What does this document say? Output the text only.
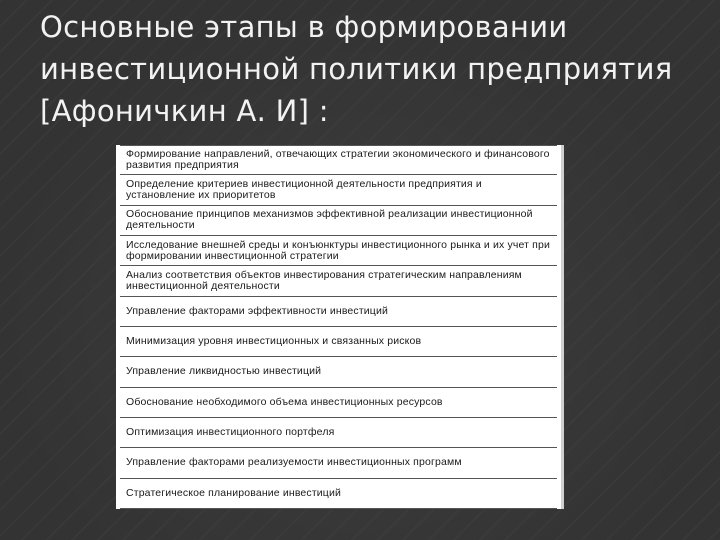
Основные этапы в формировании
инвестиционной политики предприятия
[Афоничкин А. И] :
Формирование направлений, отвечающих стратегии экономического и финансового развития предприятия
Определение критериев инвестиционной деятельности предприятия и установление их приоритетов
Обоснование принципов механизмов эффективной реализации инвестиционной деятельности
Исследование внешней среды и конъюнктуры инвестиционного рынка и их учет при формировании инвестиционной стратегии
Анализ соответствия объектов инвестирования стратегическим направлениям инвестиционной деятельности
Управление факторами эффективности инвестиций
Минимизация уровня инвестиционных и связанных рисков
Управление ликвидностью инвестиций
Обоснование необходимого объема инвестиционных ресурсов
Оптимизация инвестиционного портфеля
Управление факторами реализуемости инвестиционных программ
Стратегическое планирование инвестиций
